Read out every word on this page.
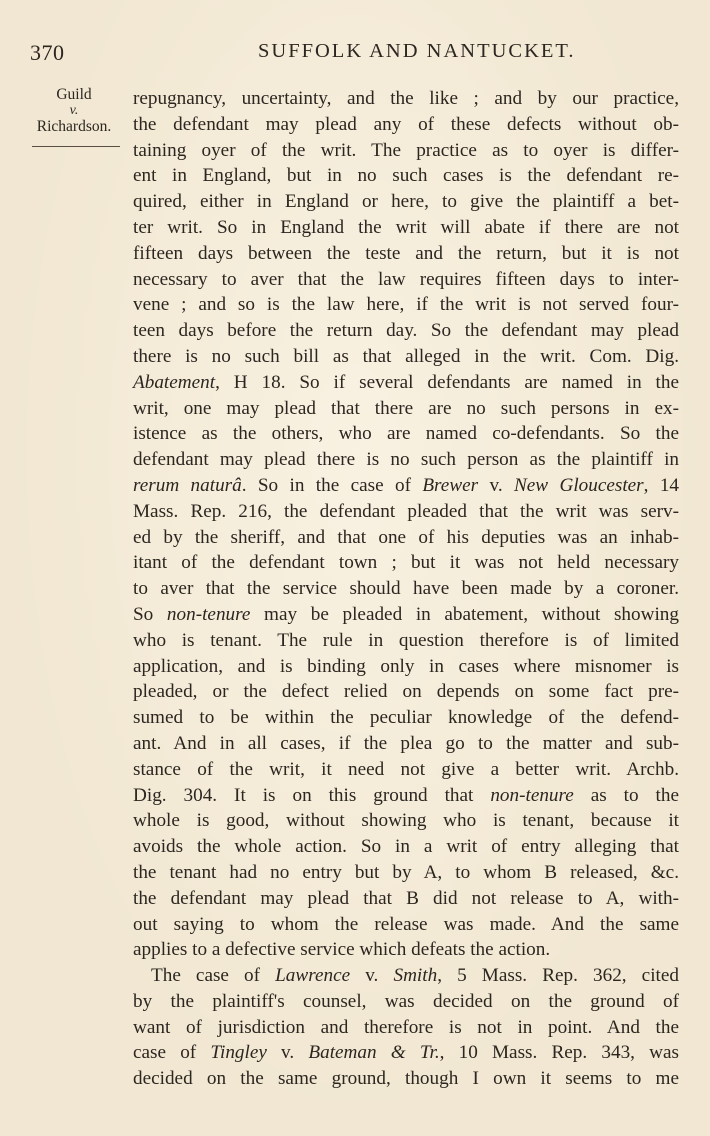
370	SUFFOLK AND NANTUCKET.
Guild
v.
Richardson.
repugnancy, uncertainty, and the like ; and by our practice,
the defendant may plead any of these defects without ob-
taining oyer of the writ. The practice as to oyer is differ-
ent in England, but in no such cases is the defendant re-
quired, either in England or here, to give the plaintiff a bet-
ter writ. So in England the writ will abate if there are not
fifteen days between the teste and the return, but it is not
necessary to aver that the law requires fifteen days to inter-
vene ; and so is the law here, if the writ is not served four-
teen days before the return day. So the defendant may plead
there is no such bill as that alleged in the writ. Com. Dig.
Abatement, H 18. So if several defendants are named in the
writ, one may plead that there are no such persons in ex-
istence as the others, who are named co-defendants. So the
defendant may plead there is no such person as the plaintiff in
rerum naturâ. So in the case of Brewer v. New Gloucester, 14
Mass. Rep. 216, the defendant pleaded that the writ was serv-
ed by the sheriff, and that one of his deputies was an inhab-
itant of the defendant town ; but it was not held necessary
to aver that the service should have been made by a coroner.
So non-tenure may be pleaded in abatement, without showing
who is tenant. The rule in question therefore is of limited
application, and is binding only in cases where misnomer is
pleaded, or the defect relied on depends on some fact pre-
sumed to be within the peculiar knowledge of the defend-
ant. And in all cases, if the plea go to the matter and sub-
stance of the writ, it need not give a better writ. Archb.
Dig. 304. It is on this ground that non-tenure as to the
whole is good, without showing who is tenant, because it
avoids the whole action. So in a writ of entry alleging that
the tenant had no entry but by A, to whom B released, &c.
the defendant may plead that B did not release to A, with-
out saying to whom the release was made. And the same
applies to a defective service which defeats the action.
The case of Lawrence v. Smith, 5 Mass. Rep. 362, cited
by the plaintiff's counsel, was decided on the ground of
want of jurisdiction and therefore is not in point. And the
case of Tingley v. Bateman & Tr., 10 Mass. Rep. 343, was
decided on the same ground, though I own it seems to me
